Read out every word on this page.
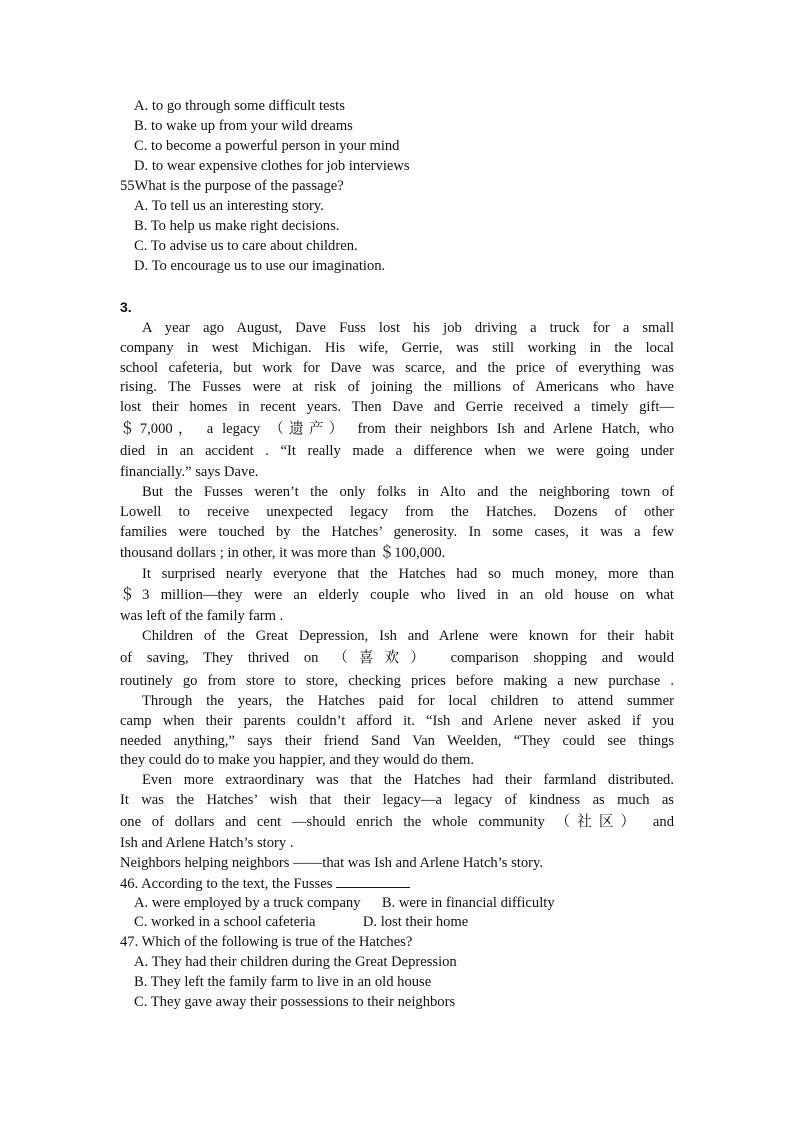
A. to go through some difficult tests
B. to wake up from your wild dreams
C. to become a powerful person in your mind
D. to wear expensive clothes for job interviews
55What is the purpose of the passage?
A. To tell us an interesting story.
B. To help us make right decisions.
C. To advise us to care about children.
D. To encourage us to use our imagination.
3.
A year ago August, Dave Fuss lost his job driving a truck for a small
company in west Michigan. His wife, Gerrie, was still working in the local
school cafeteria, but work for Dave was scarce, and the price of everything was
rising. The Fusses were at risk of joining the millions of Americans who have
lost their homes in recent years. Then Dave and Gerrie received a timely gift—
＄7,000， a legacy （遗产） from their neighbors Ish and Arlene Hatch, who
died in an accident . “It really made a difference when we were going under
financially.” says Dave.
But the Fusses weren’t the only folks in Alto and the neighboring town of
Lowell to receive unexpected legacy from the Hatches. Dozens of other
families were touched by the Hatches’ generosity. In some cases, it was a few
thousand dollars ; in other, it was more than ＄100,000.
It surprised nearly everyone that the Hatches had so much money, more than
＄3 million—they were an elderly couple who lived in an old house on what
was left of the family farm .
Children of the Great Depression, Ish and Arlene were known for their habit
of saving, They thrived on （喜欢） comparison shopping and would
routinely go from store to store, checking prices before making a new purchase .
Through the years, the Hatches paid for local children to attend summer
camp when their parents couldn’t afford it. “Ish and Arlene never asked if you
needed anything,” says their friend Sand Van Weelden, “They could see things
they could do to make you happier, and they would do them.
Even more extraordinary was that the Hatches had their farmland distributed.
It was the Hatches’ wish that their legacy—a legacy of kindness as much as
one of dollars and cent —should enrich the whole community （社区） and
Ish and Arlene Hatch’s story .
Neighbors helping neighbors ——that was Ish and Arlene Hatch’s story.
46. According to the text, the Fusses
A. were employed by a truck company B. were in financial difficulty
C. worked in a school cafeteria	D. lost their home
47. Which of the following is true of the Hatches?
A. They had their children during the Great Depression
B. They left the family farm to live in an old house
C. They gave away their possessions to their neighbors
